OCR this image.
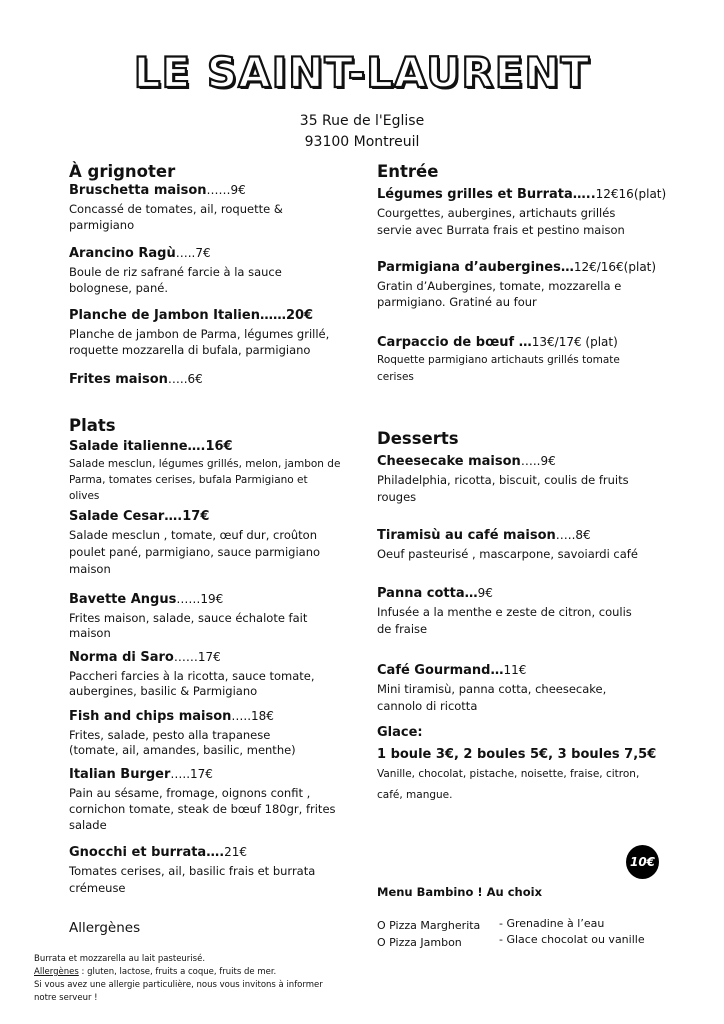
LE SAINT-LAURENT
35 Rue de l'Eglise
93100 Montreuil
10€
Menu Bambino ! Au choix
O Pizza Margherita
O Pizza Jambon
- Grenadine à l’eau
- Glace chocolat ou vanille
Allergènes
Burrata et mozzarella au lait pasteurisé.
Allergènes : gluten, lactose, fruits a coque, fruits de mer.
Si vous avez une allergie particulière, nous vous invitons à informer
notre serveur !
À grignoter
Bruschetta maison……9€
Concassé de tomates, ail, roquette &
parmigiano
Arancino Ragù…..7€
Boule de riz safrané farcie à la sauce
bolognese, pané.
Planche de Jambon Italien……20€
Planche de jambon de Parma, légumes grillé,
roquette mozzarella di bufala, parmigiano
Frites maison…..6€
Plats
Salade italienne….16€
Salade mesclun, légumes grillés, melon, jambon de
Parma, tomates cerises, bufala Parmigiano et
olives
Salade Cesar….17€
Salade mesclun , tomate, œuf dur, croûton
poulet pané, parmigiano, sauce parmigiano
maison
Bavette Angus……19€
Frites maison, salade, sauce échalote fait
maison
Norma di Saro……17€
Paccheri farcies à la ricotta, sauce tomate,
aubergines, basilic & Parmigiano
Fish and chips maison…..18€
Frites, salade, pesto alla trapanese
(tomate, ail, amandes, basilic, menthe)
Italian Burger…..17€
Pain au sésame, fromage, oignons confit ,
cornichon tomate, steak de bœuf 180gr, frites
salade
Gnocchi et burrata….21€
Tomates cerises, ail, basilic frais et burrata
crémeuse
Entrée
Légumes grilles et Burrata…..12€16(plat)
Courgettes, aubergines, artichauts grillés
servie avec Burrata frais et pestino maison
Parmigiana d’aubergines…12€/16€(plat)
Gratin d’Aubergines, tomate, mozzarella e
parmigiano. Gratiné au four
Carpaccio de bœuf …13€/17€ (plat)
Roquette parmigiano artichauts grillés tomate
cerises
Desserts
Cheesecake maison…..9€
Philadelphia, ricotta, biscuit, coulis de fruits
rouges
Tiramisù au café maison…..8€
Oeuf pasteurisé , mascarpone, savoiardi café
Panna cotta…9€
Infusée a la menthe e zeste de citron, coulis
de fraise
Café Gourmand…11€
Mini tiramisù, panna cotta, cheesecake,
cannolo di ricotta
Glace:
1 boule 3€, 2 boules 5€, 3 boules 7,5€
Vanille, chocolat, pistache, noisette, fraise, citron,
café, mangue.
